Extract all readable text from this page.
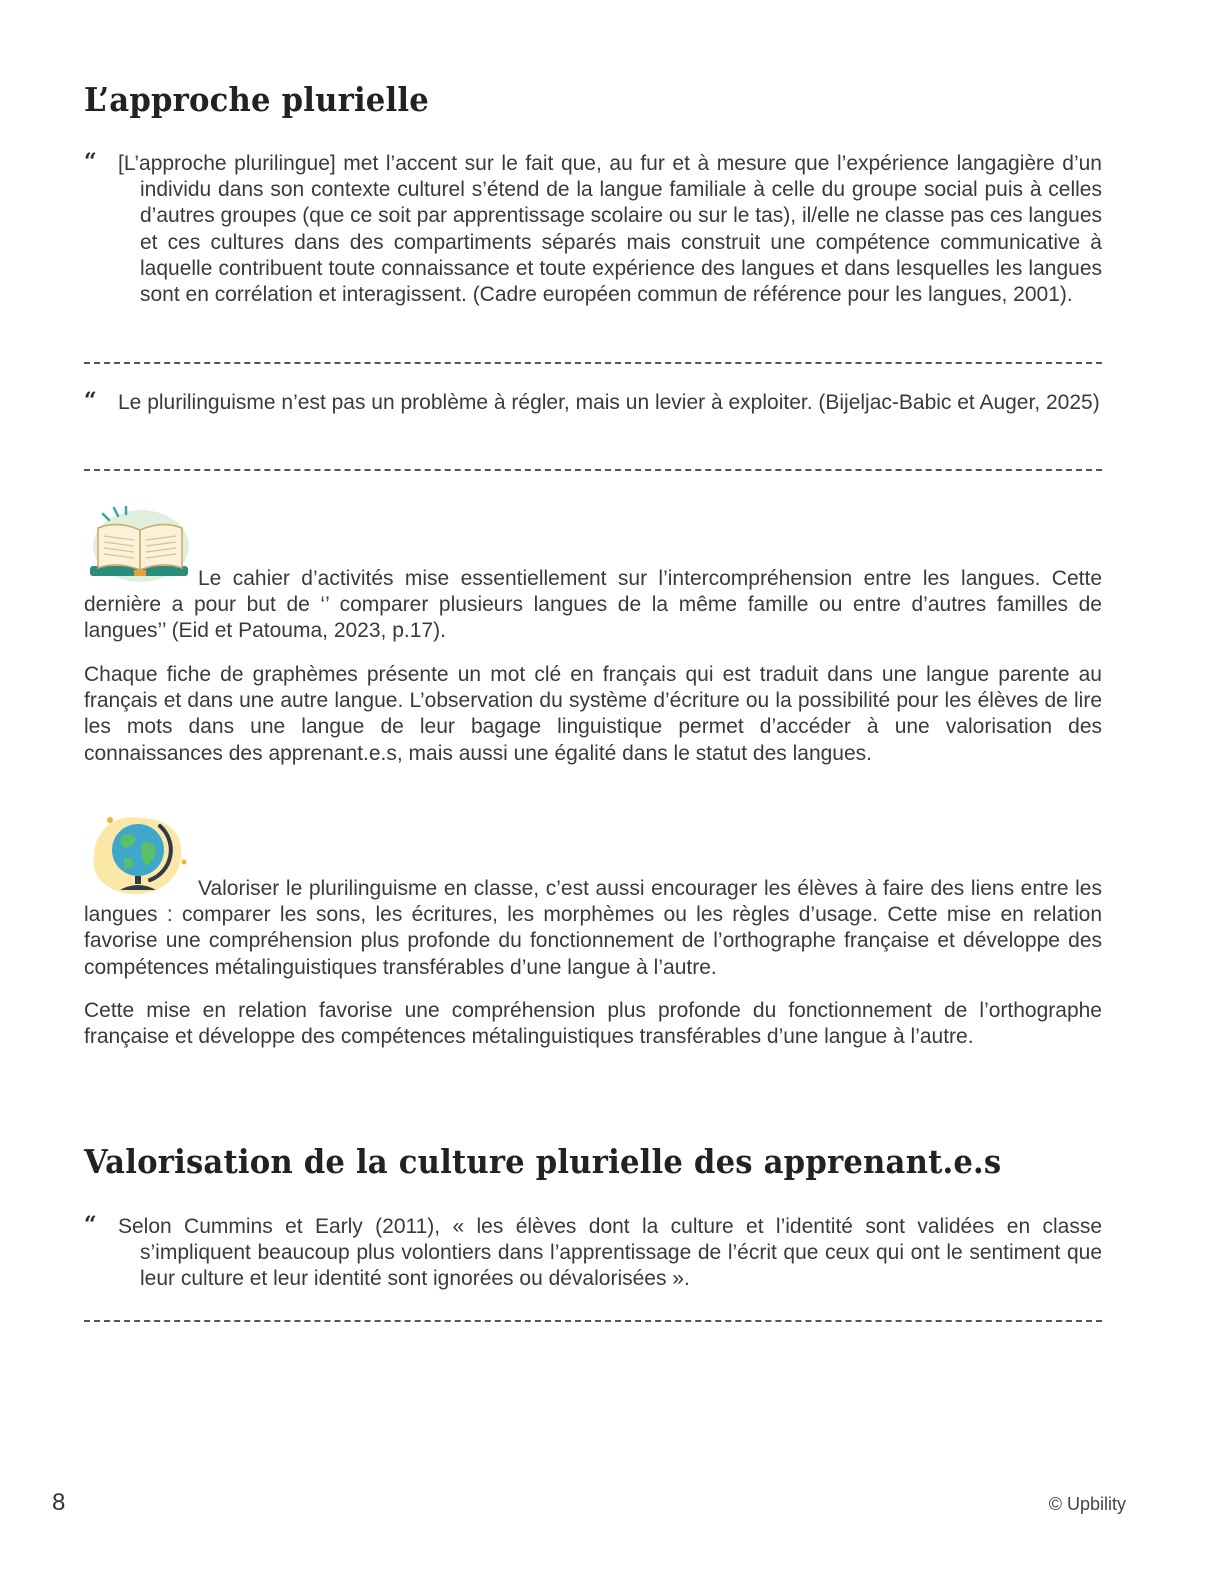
L’approche plurielle
“	[L’approche plurilingue] met l’accent sur le fait que, au fur et à mesure que l’expérience langagière d’un individu dans son contexte culturel s’étend de la langue familiale à celle du groupe social puis à celles d’autres groupes (que ce soit par apprentissage scolaire ou sur le tas), il/elle ne classe pas ces langues et ces cultures dans des compartiments séparés mais construit une compétence communicative à laquelle contribuent toute connaissance et toute expérience des langues et dans lesquelles les langues sont en corrélation et interagissent. (Cadre européen commun de référence pour les langues, 2001).

“	Le plurilinguisme n’est pas un problème à régler, mais un levier à exploiter. (Bijeljac-Babic et Auger, 2025)

Le cahier d’activités mise essentiellement sur l’intercompréhension entre les langues. Cette dernière a pour but de ‘’ comparer plusieurs langues de la même famille ou entre d’autres familles de langues’’ (Eid et Patouma, 2023, p.17).

Chaque fiche de graphèmes présente un mot clé en français qui est traduit dans une langue parente au français et dans une autre langue. L’observation du système d’écriture ou la possibilité pour les élèves de lire les mots dans une langue de leur bagage linguistique permet d’accéder à une valorisation des connaissances des apprenant.e.s, mais aussi une égalité dans le statut des langues.

Valoriser le plurilinguisme en classe, c’est aussi encourager les élèves à faire des liens entre les langues : comparer les sons, les écritures, les morphèmes ou les règles d’usage. Cette mise en relation favorise une compréhension plus profonde du fonctionnement de l’orthographe française et développe des compétences métalinguistiques transférables d’une langue à l’autre.

Cette mise en relation favorise une compréhension plus profonde du fonctionnement de l’orthographe française et développe des compétences métalinguistiques transférables d’une langue à l’autre.

Valorisation de la culture plurielle des apprenant.e.s
“	Selon Cummins et Early (2011), « les élèves dont la culture et l’identité sont validées en classe s’impliquent beaucoup plus volontiers dans l’apprentissage de l’écrit que ceux qui ont le sentiment que leur culture et leur identité sont ignorées ou dévalorisées ».

8	© Upbility
